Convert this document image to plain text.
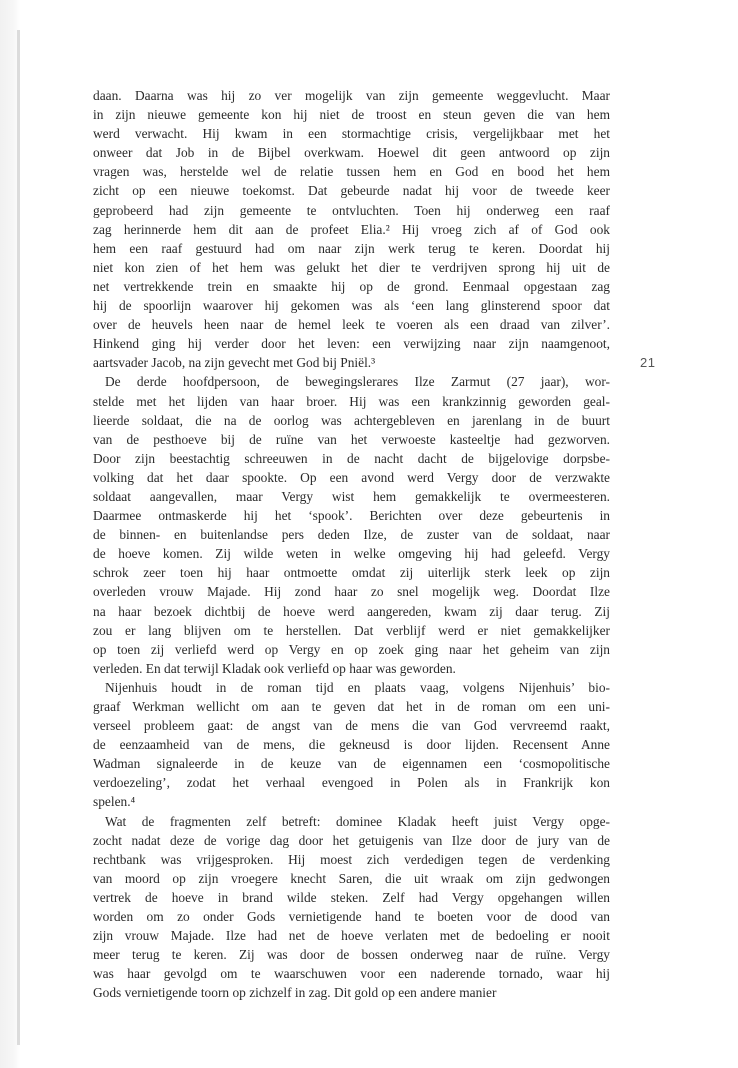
21
daan. Daarna was hij zo ver mogelijk van zijn gemeente weggevlucht. Maar
in zijn nieuwe gemeente kon hij niet de troost en steun geven die van hem
werd verwacht. Hij kwam in een stormachtige crisis, vergelijkbaar met het
onweer dat Job in de Bijbel overkwam. Hoewel dit geen antwoord op zijn
vragen was, herstelde wel de relatie tussen hem en God en bood het hem
zicht op een nieuwe toekomst. Dat gebeurde nadat hij voor de tweede keer
geprobeerd had zijn gemeente te ontvluchten. Toen hij onderweg een raaf
zag herinnerde hem dit aan de profeet Elia.² Hij vroeg zich af of God ook
hem een raaf gestuurd had om naar zijn werk terug te keren. Doordat hij
niet kon zien of het hem was gelukt het dier te verdrijven sprong hij uit de
net vertrekkende trein en smaakte hij op de grond. Eenmaal opgestaan zag
hij de spoorlijn waarover hij gekomen was als ‘een lang glinsterend spoor dat
over de heuvels heen naar de hemel leek te voeren als een draad van zilver’.
Hinkend ging hij verder door het leven: een verwijzing naar zijn naamgenoot,
aartsvader Jacob, na zijn gevecht met God bij Pniël.³
De derde hoofdpersoon, de bewegingslerares Ilze Zarmut (27 jaar), wor-
stelde met het lijden van haar broer. Hij was een krankzinnig geworden geal-
lieerde soldaat, die na de oorlog was achtergebleven en jarenlang in de buurt
van de pesthoeve bij de ruïne van het verwoeste kasteeltje had gezworven.
Door zijn beestachtig schreeuwen in de nacht dacht de bijgelovige dorpsbe-
volking dat het daar spookte. Op een avond werd Vergy door de verzwakte
soldaat aangevallen, maar Vergy wist hem gemakkelijk te overmeesteren.
Daarmee ontmaskerde hij het ‘spook’. Berichten over deze gebeurtenis in
de binnen- en buitenlandse pers deden Ilze, de zuster van de soldaat, naar
de hoeve komen. Zij wilde weten in welke omgeving hij had geleefd. Vergy
schrok zeer toen hij haar ontmoette omdat zij uiterlijk sterk leek op zijn
overleden vrouw Majade. Hij zond haar zo snel mogelijk weg. Doordat Ilze
na haar bezoek dichtbij de hoeve werd aangereden, kwam zij daar terug. Zij
zou er lang blijven om te herstellen. Dat verblijf werd er niet gemakkelijker
op toen zij verliefd werd op Vergy en op zoek ging naar het geheim van zijn
verleden. En dat terwijl Kladak ook verliefd op haar was geworden.
Nijenhuis houdt in de roman tijd en plaats vaag, volgens Nijenhuis’ bio-
graaf Werkman wellicht om aan te geven dat het in de roman om een uni-
verseel probleem gaat: de angst van de mens die van God vervreemd raakt,
de eenzaamheid van de mens, die gekneusd is door lijden. Recensent Anne
Wadman signaleerde in de keuze van de eigennamen een ‘cosmopolitische
verdoezeling’, zodat het verhaal evengoed in Polen als in Frankrijk kon
spelen.⁴
Wat de fragmenten zelf betreft: dominee Kladak heeft juist Vergy opge-
zocht nadat deze de vorige dag door het getuigenis van Ilze door de jury van de
rechtbank was vrijgesproken. Hij moest zich verdedigen tegen de verdenking
van moord op zijn vroegere knecht Saren, die uit wraak om zijn gedwongen
vertrek de hoeve in brand wilde steken. Zelf had Vergy opgehangen willen
worden om zo onder Gods vernietigende hand te boeten voor de dood van
zijn vrouw Majade. Ilze had net de hoeve verlaten met de bedoeling er nooit
meer terug te keren. Zij was door de bossen onderweg naar de ruïne. Vergy
was haar gevolgd om te waarschuwen voor een naderende tornado, waar hij
Gods vernietigende toorn op zichzelf in zag. Dit gold op een andere manier
